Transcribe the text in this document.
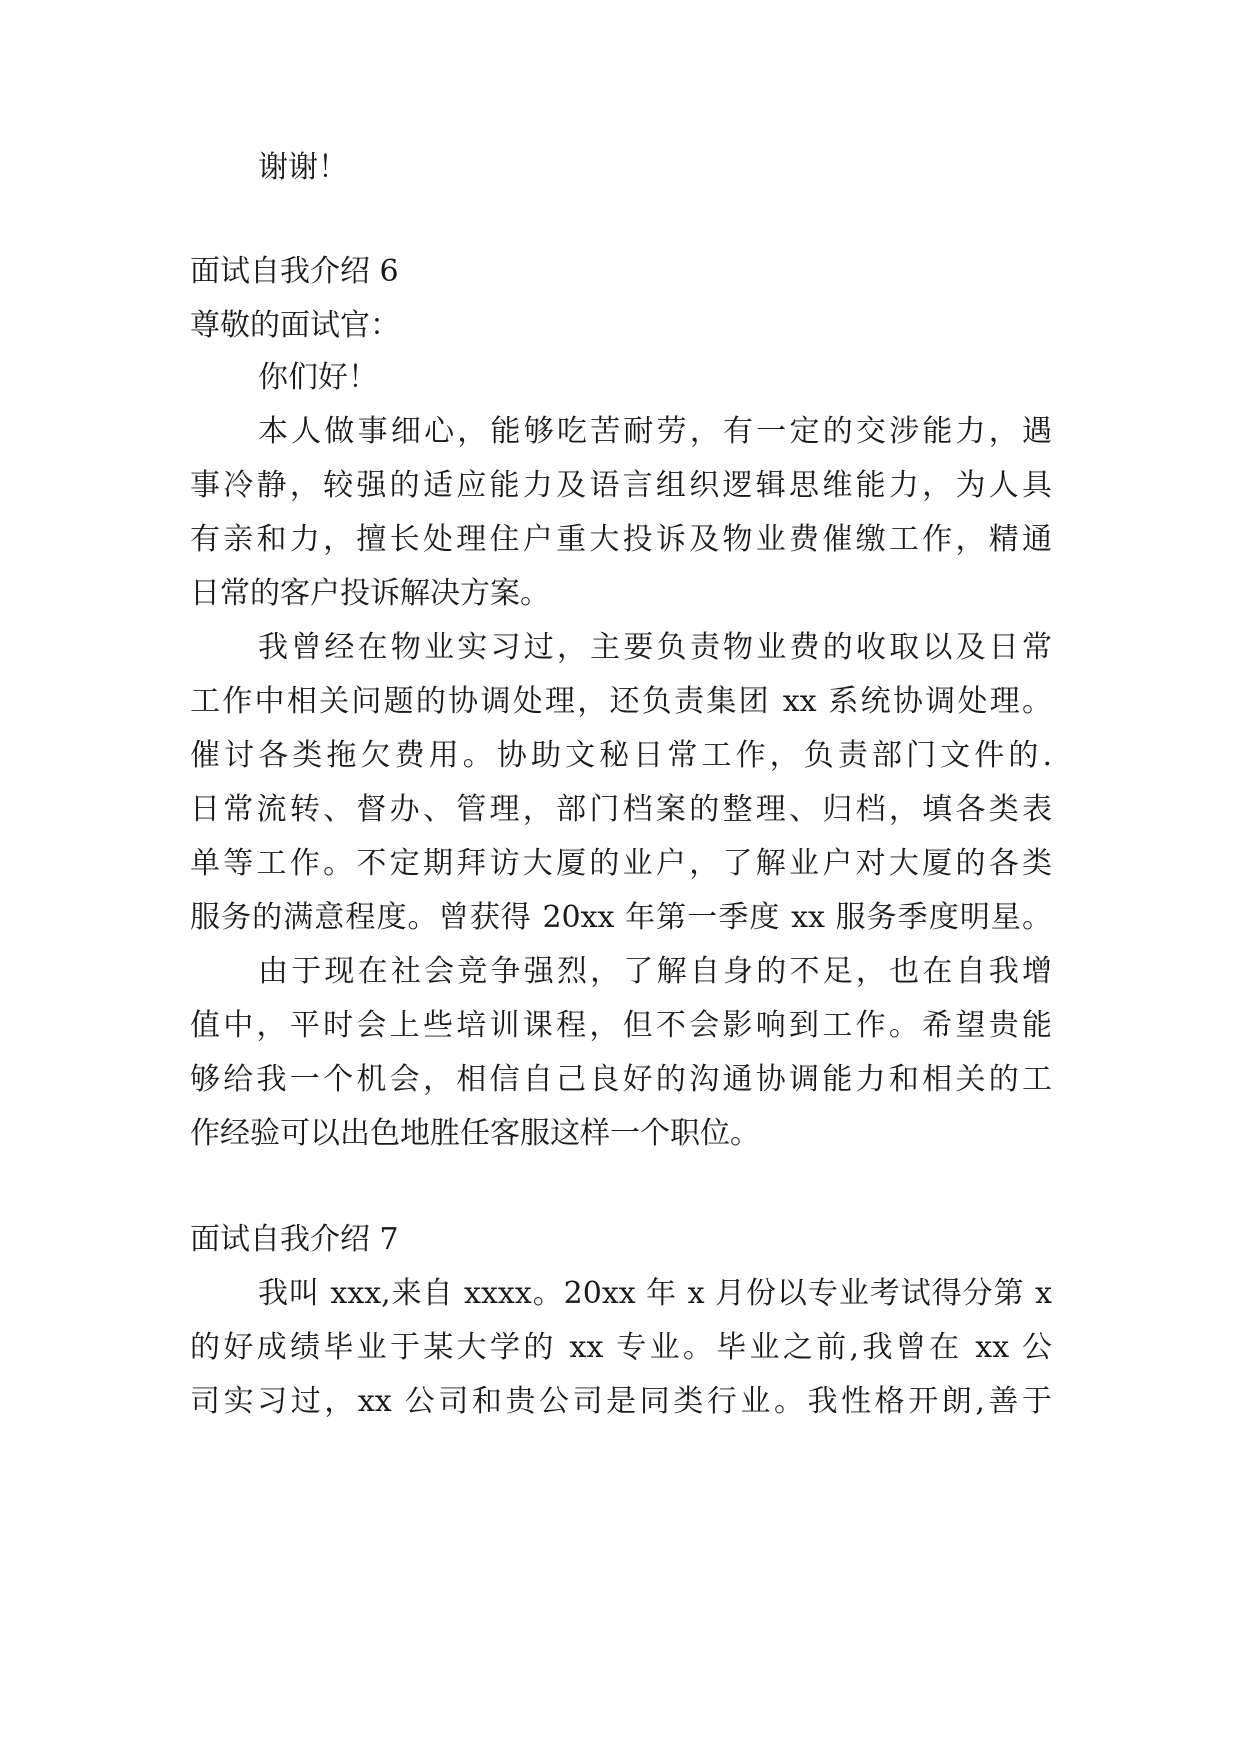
谢谢！
面试自我介绍 6
尊敬的面试官：
你们好！
本人做事细心，能够吃苦耐劳，有一定的交涉能力，遇
事冷静，较强的适应能力及语言组织逻辑思维能力，为人具
有亲和力，擅长处理住户重大投诉及物业费催缴工作，精通
日常的客户投诉解决方案。
我曾经在物业实习过，主要负责物业费的收取以及日常
工作中相关问题的协调处理，还负责集团 xx 系统协调处理。
催讨各类拖欠费用。协助文秘日常工作，负责部门文件的.
日常流转、督办、管理，部门档案的整理、归档，填各类表
单等工作。不定期拜访大厦的业户，了解业户对大厦的各类
服务的满意程度。曾获得 20xx 年第一季度 xx 服务季度明星。
由于现在社会竞争强烈，了解自身的不足，也在自我增
值中，平时会上些培训课程，但不会影响到工作。希望贵能
够给我一个机会，相信自己良好的沟通协调能力和相关的工
作经验可以出色地胜任客服这样一个职位。
面试自我介绍 7
我叫 xxx,来自 xxxx。20xx 年 x 月份以专业考试得分第 x
的好成绩毕业于某大学的 xx 专业。毕业之前,我曾在 xx 公
司实习过，xx 公司和贵公司是同类行业。我性格开朗,善于
